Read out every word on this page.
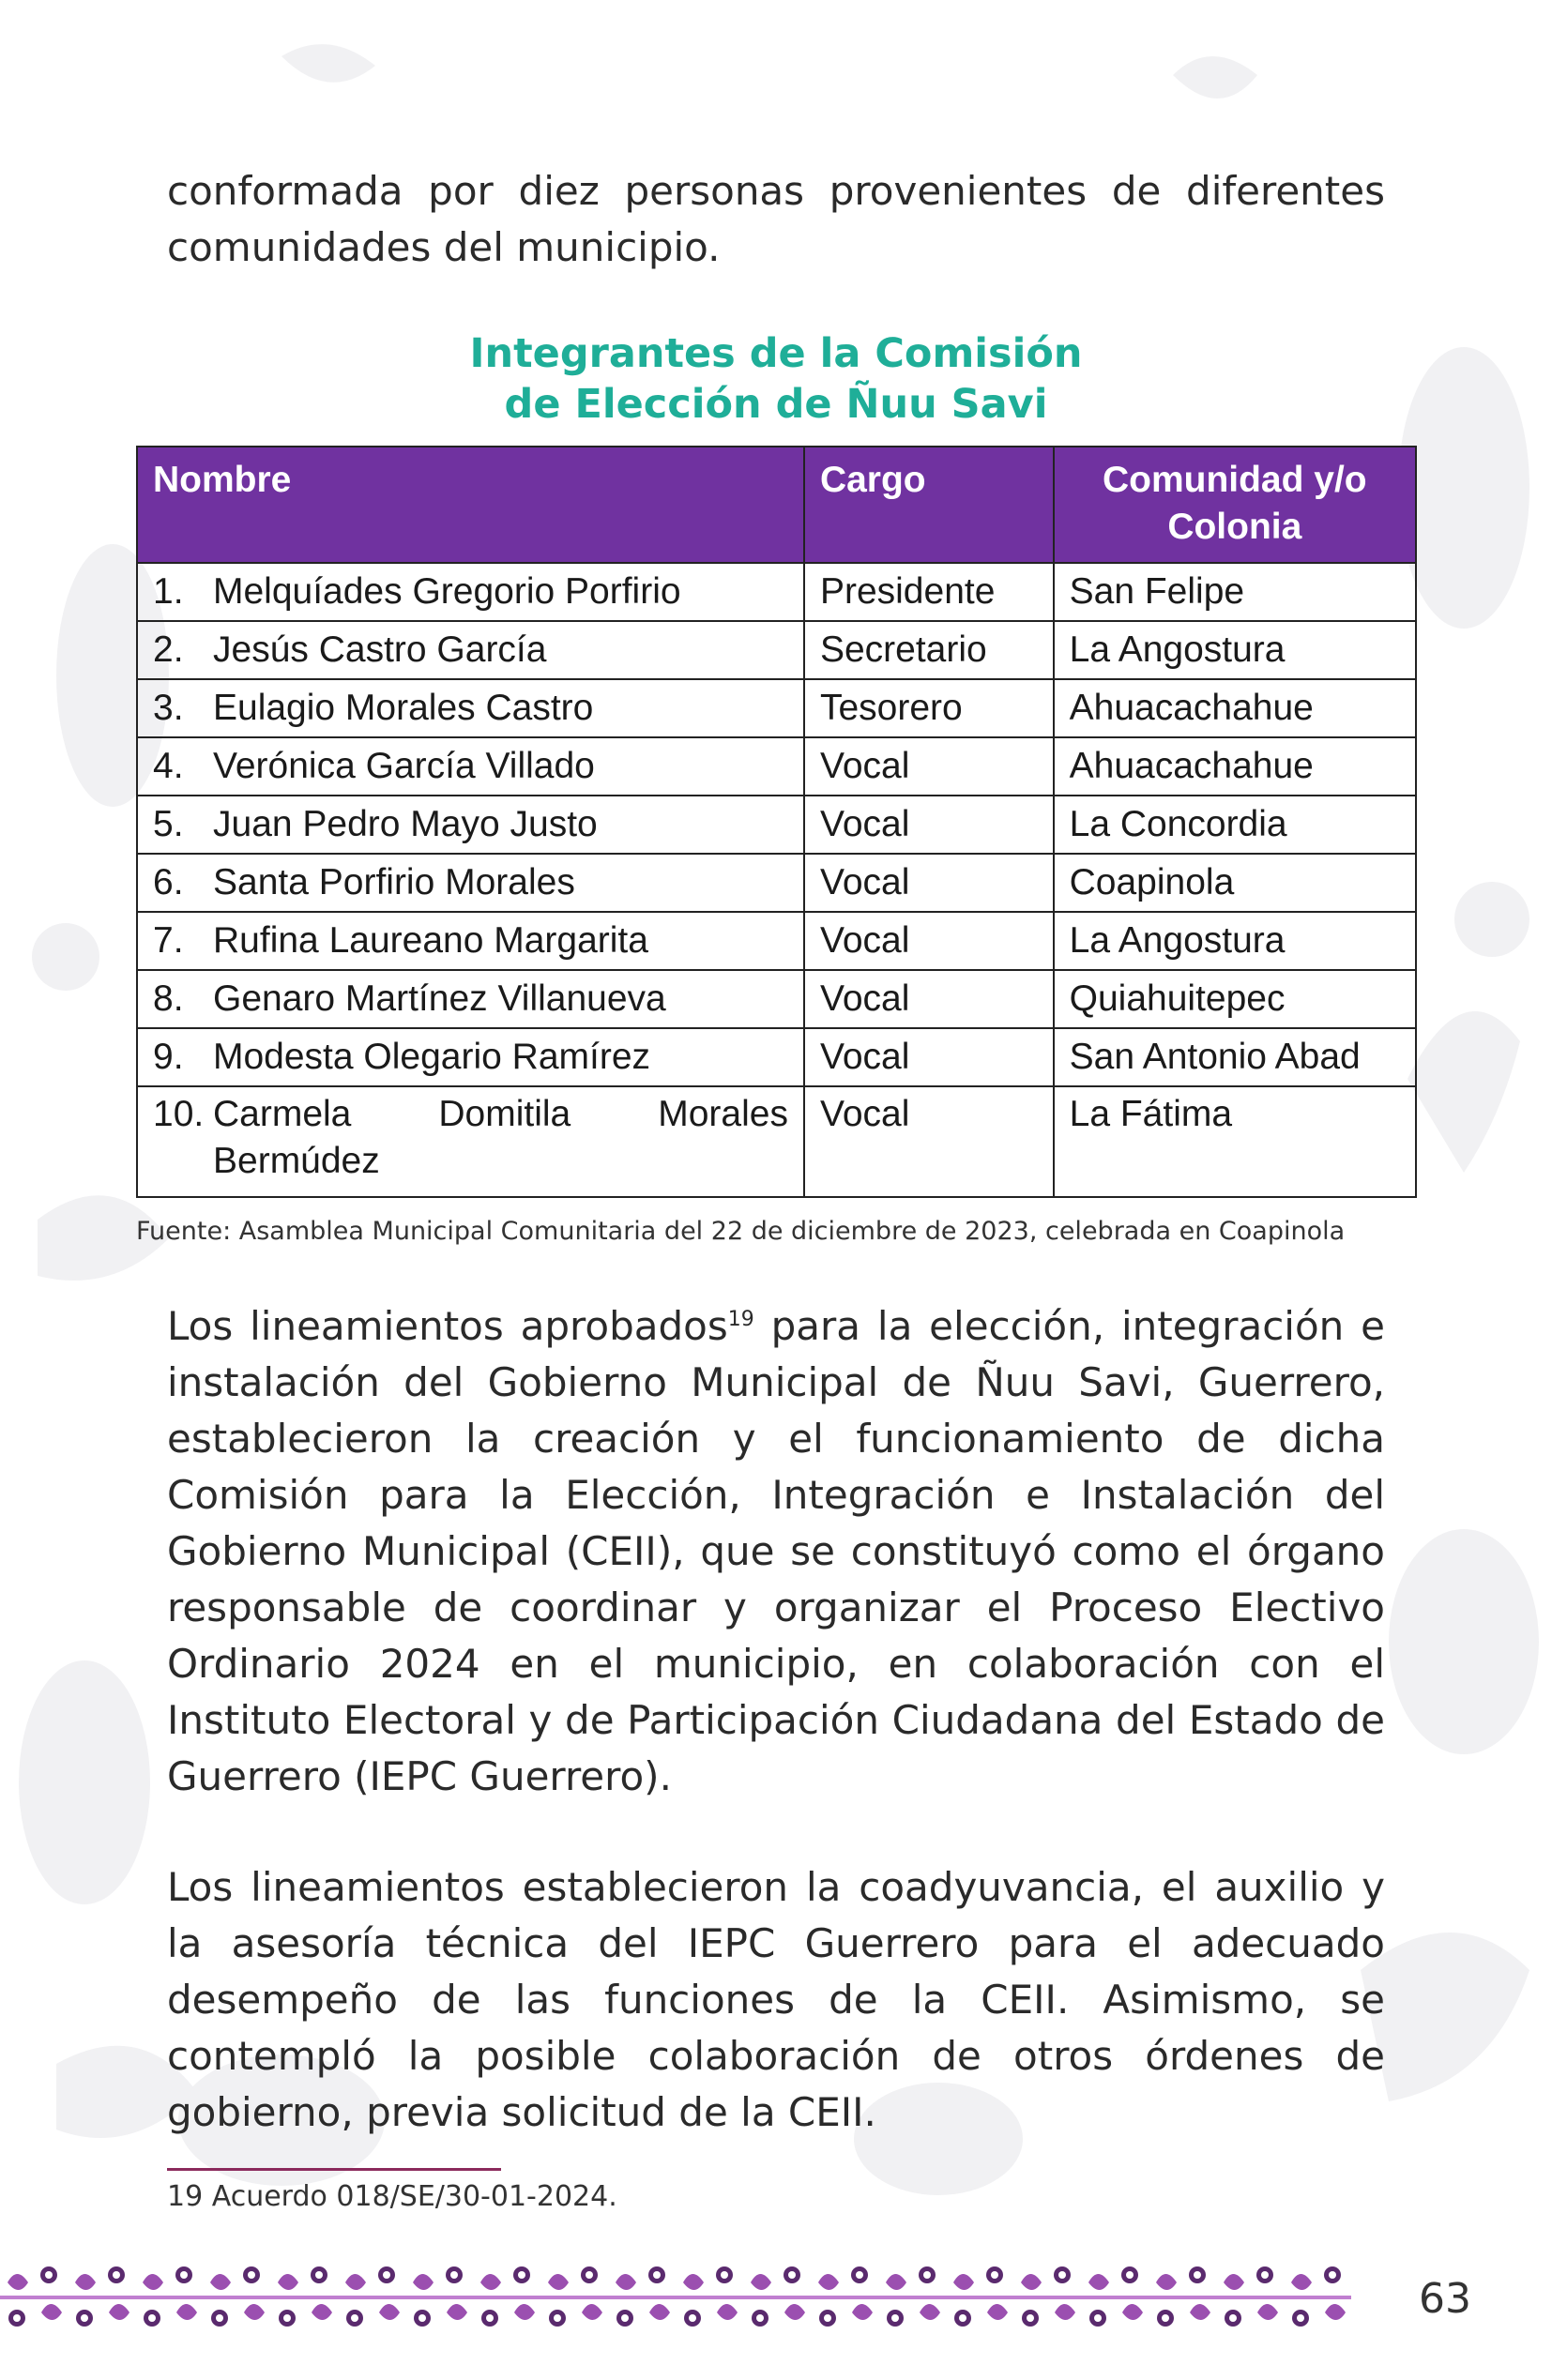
conformada por diez personas provenientes de diferentes comunidades del municipio.

Integrantes de la Comisión
de Elección de Ñuu Savi
Nombre	Cargo	Comunidad y/o
Colonia

1. Melquíades Gregorio Porfirio	Presidente	San Felipe
2. Jesús Castro García	Secretario	La Angostura
3. Eulagio Morales Castro	Tesorero	Ahuacachahue
4. Verónica García Villado	Vocal	Ahuacachahue
5. Juan Pedro Mayo Justo	Vocal	La Concordia
6. Santa Porfirio Morales	Vocal	Coapinola
7. Rufina Laureano Margarita	Vocal	La Angostura
8. Genaro Martínez Villanueva	Vocal	Quiahuitepec
9. Modesta Olegario Ramírez	Vocal	San Antonio Abad

10. Carmela Domitila Morales
Bermúdez	Vocal	La Fátima

Fuente: Asamblea Municipal Comunitaria del 22 de diciembre de 2023, celebrada en Coapinola

Los lineamientos aprobados$^{19}$ para la elección, integración e instalación del Gobierno Municipal de Ñuu Savi, Guerrero, establecieron la creación y el funcionamiento de dicha Comisión para la Elección, Integración e Instalación del Gobierno Municipal (CEII), que se constituyó como el órgano responsable de coordinar y organizar el Proceso Electivo Ordinario 2024 en el municipio, en colaboración con el Instituto Electoral y de Participación Ciudadana del Estado de Guerrero (IEPC Guerrero).

Los lineamientos establecieron la coadyuvancia, el auxilio y la asesoría técnica del IEPC Guerrero para el adecuado desempeño de las funciones de la CEII. Asimismo, se contempló la posible colaboración de otros órdenes de gobierno, previa solicitud de la CEII.

19 Acuerdo 018/SE/30-01-2024.

63
